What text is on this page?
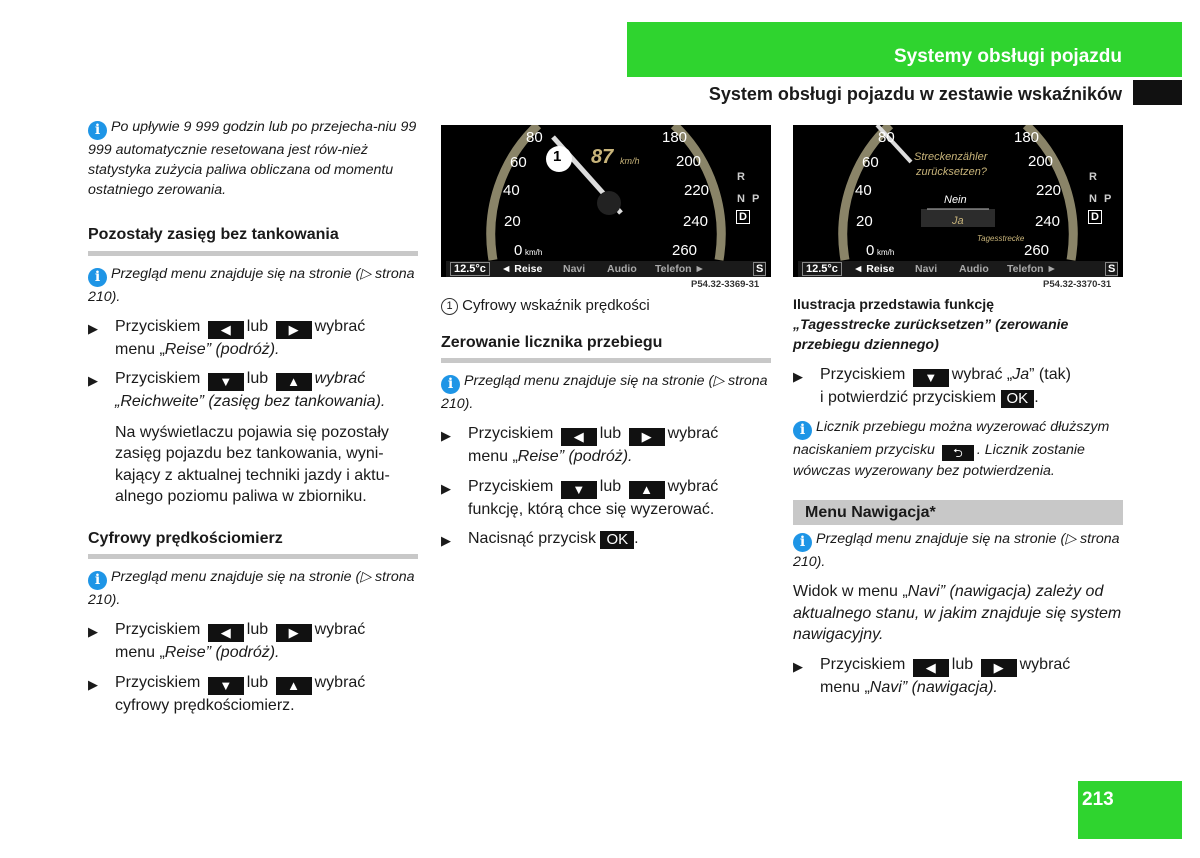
Systemy obsługi pojazdu
System obsługi pojazdu w zestawie wskaźników
i Po upływie 9 999 godzin lub po przejecha-niu 99 999 automatycznie resetowana jest rów-nież statystyka zużycia paliwa obliczana od momentu ostatniego zerowania.
Pozostały zasięg bez tankowania
i Przegląd menu znajduje się na stronie (▷ strona 210).
▶ Przyciskiem ◀ lub ▶ wybrać
menu „Reise” (podróż).
▶ Przyciskiem ▼ lub ▲ wybrać
„Reichweite” (zasięg bez tankowania).
Na wyświetlaczu pojawia się pozostały zasięg pojazdu bez tankowania, wyni-kający z aktualnej techniki jazdy i aktu-alnego poziomu paliwa w zbiorniku.
Cyfrowy prędkościomierz
i Przegląd menu znajduje się na stronie (▷ strona 210).
▶ Przyciskiem ◀ lub ▶ wybrać
menu „Reise” (podróż).
▶ Przyciskiem ▼ lub ▲ wybrać
cyfrowy prędkościomierz.
1 87 km/h
80
60
40
20
0 km/h
180
200
220
240
260
R
N P
D
12.5°c	◄ Reise Navi Audio Telefon ►	S
P54.32-3369-31
1 Cyfrowy wskaźnik prędkości
Zerowanie licznika przebiegu
i Przegląd menu znajduje się na stronie (▷ strona 210).
▶ Przyciskiem ◀ lub ▶ wybrać
menu „Reise” (podróż).
▶ Przyciskiem ▼ lub ▲ wybrać
funkcję, którą chce się wyzerować.
▶ Nacisnąć przycisk OK .
80
60
40
20
0 km/h
180
200
220
240
260
Streckenzähler
zurücksetzen?
Nein
Ja
Tagesstrecke
R
N P
D
12.5°c	◄ Reise Navi Audio Telefon ►	S
P54.32-3370-31
Ilustracja przedstawia funkcję
„Tagesstrecke zurücksetzen” (zerowanie przebiegu dziennego)
▶ Przyciskiem ▼ wybrać „Ja” (tak)
i potwierdzić przyciskiem OK .
i Licznik przebiegu można wyzerować dłuższym naciskaniem przycisku ⮌ . Licznik zostanie wówczas wyzerowany bez potwierdzenia.
Menu Nawigacja*
i Przegląd menu znajduje się na stronie (▷ strona 210).
Widok w menu „Navi” (nawigacja) zależy od aktualnego stanu, w jakim znajduje się system nawigacyjny.
▶ Przyciskiem ◀ lub ▶ wybrać
menu „Navi” (nawigacja).
213
